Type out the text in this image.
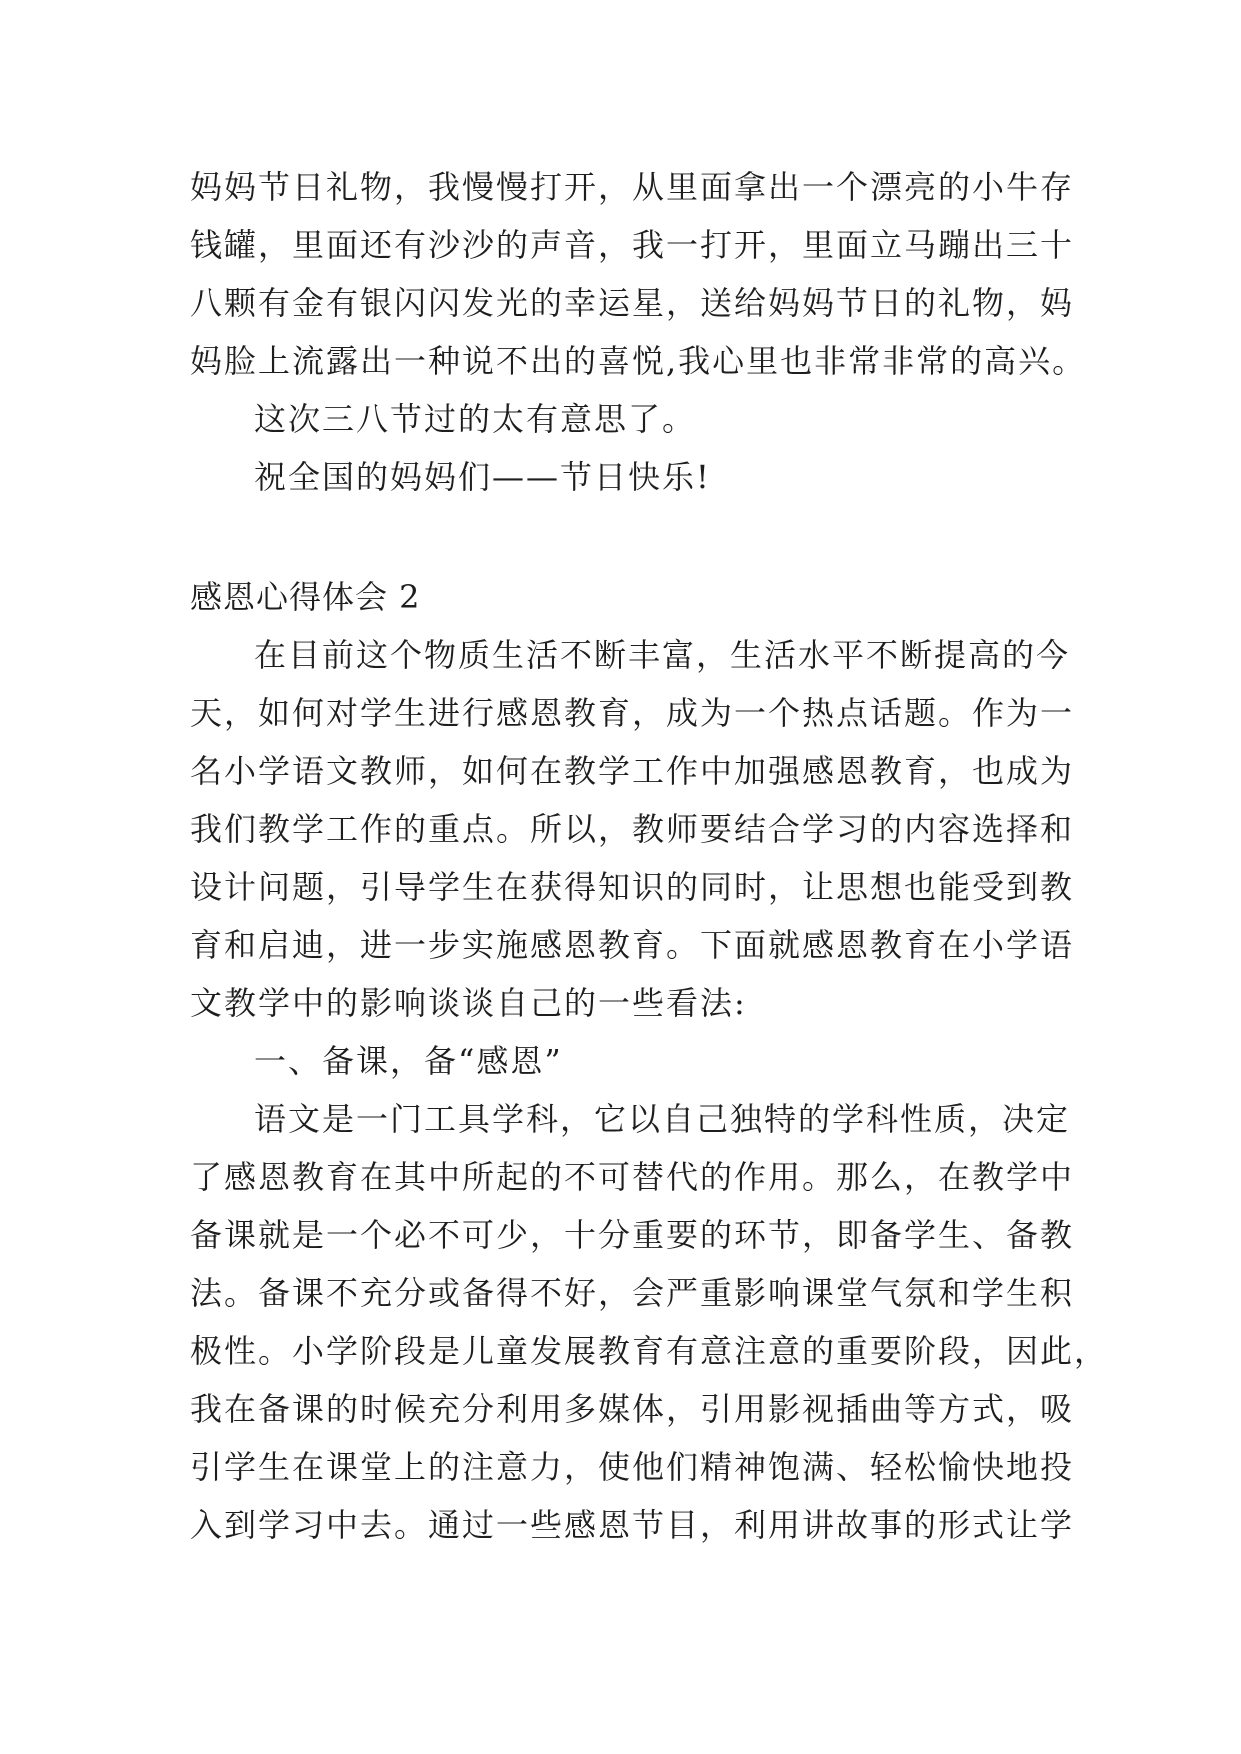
妈妈节日礼物，我慢慢打开，从里面拿出一个漂亮的小牛存
钱罐，里面还有沙沙的声音，我一打开，里面立马蹦出三十
八颗有金有银闪闪发光的幸运星，送给妈妈节日的礼物，妈
妈脸上流露出一种说不出的喜悦,我心里也非常非常的高兴。
这次三八节过的太有意思了。
祝全国的妈妈们——节日快乐!
感恩心得体会 2
在目前这个物质生活不断丰富，生活水平不断提高的今
天，如何对学生进行感恩教育，成为一个热点话题。作为一
名小学语文教师，如何在教学工作中加强感恩教育，也成为
我们教学工作的重点。所以，教师要结合学习的内容选择和
设计问题，引导学生在获得知识的同时，让思想也能受到教
育和启迪，进一步实施感恩教育。下面就感恩教育在小学语
文教学中的影响谈谈自己的一些看法:
一、备课，备“感恩”
语文是一门工具学科，它以自己独特的学科性质，决定
了感恩教育在其中所起的不可替代的作用。那么，在教学中
备课就是一个必不可少，十分重要的环节，即备学生、备教
法。备课不充分或备得不好，会严重影响课堂气氛和学生积
极性。小学阶段是儿童发展教育有意注意的重要阶段，因此，
我在备课的时候充分利用多媒体，引用影视插曲等方式，吸
引学生在课堂上的注意力，使他们精神饱满、轻松愉快地投
入到学习中去。通过一些感恩节目，利用讲故事的形式让学
